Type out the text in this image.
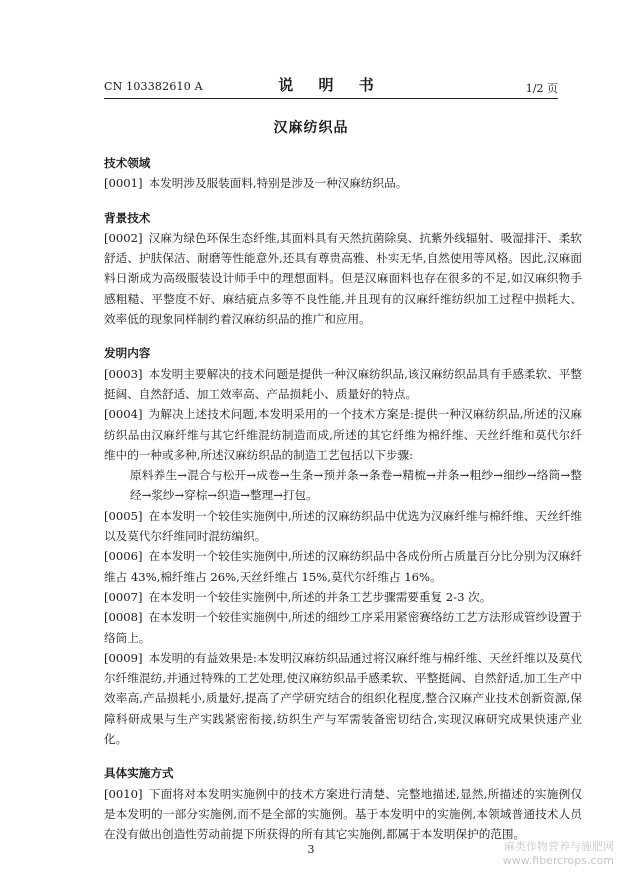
CN 103382610 A	说 明 书	1/2 页
汉麻纺织品
技术领域

[0001] 本发明涉及服装面料,特别是涉及一种汉麻纺织品。

背景技术

[0002] 汉麻为绿色环保生态纤维,其面料具有天然抗菌除臭、抗紫外线辐射、吸湿排汗、柔软舒适、护肤保洁、耐磨等性能意外,还具有尊贵高雅、朴实无华,自然使用等风格。因此,汉麻面料日渐成为高级服装设计师手中的理想面料。但是汉麻面料也存在很多的不足,如汉麻织物手感粗糙、平整度不好、麻结疵点多等不良性能,并且现有的汉麻纤维纺织加工过程中损耗大、效率低的现象同样制约着汉麻纺织品的推广和应用。

发明内容

[0003] 本发明主要解决的技术问题是提供一种汉麻纺织品,该汉麻纺织品具有手感柔软、平整挺阔、自然舒适、加工效率高、产品损耗小、质量好的特点。

[0004] 为解决上述技术问题,本发明采用的一个技术方案是:提供一种汉麻纺织品,所述的汉麻纺织品由汉麻纤维与其它纤维混纺制造而成,所述的其它纤维为棉纤维、天丝纤维和莫代尔纤维中的一种或多种,所述汉麻纺织品的制造工艺包括以下步骤:

原料养生→混合与松开→成卷→生条→预并条→条卷→精梳→并条→粗纱→细纱→络筒→整经→浆纱→穿棕→织造→整理→打包。

[0005] 在本发明一个较佳实施例中,所述的汉麻纺织品中优选为汉麻纤维与棉纤维、天丝纤维以及莫代尔纤维同时混纺编织。

[0006] 在本发明一个较佳实施例中,所述的汉麻纺织品中各成份所占质量百分比分别为汉麻纤维占 43%,棉纤维占 26%,天丝纤维占 15%,莫代尔纤维占 16%。

[0007] 在本发明一个较佳实施例中,所述的并条工艺步骤需要重复 2-3 次。

[0008] 在本发明一个较佳实施例中,所述的细纱工序采用紧密赛络纺工艺方法形成管纱设置于络筒上。

[0009] 本发明的有益效果是:本发明汉麻纺织品通过将汉麻纤维与棉纤维、天丝纤维以及莫代尔纤维混纺,并通过特殊的工艺处理,使汉麻纺织品手感柔软、平整挺阔、自然舒适,加工生产中效率高,产品损耗小,质量好,提高了产学研究结合的组织化程度,整合汉麻产业技术创新资源,保障科研成果与生产实践紧密衔接,纺织生产与军需装备密切结合,实现汉麻研究成果快速产业化。

具体实施方式

[0010] 下面将对本发明实施例中的技术方案进行清楚、完整地描述,显然,所描述的实施例仅是本发明的一部分实施例,而不是全部的实施例。基于本发明中的实施例,本领域普通技术人员在没有做出创造性劳动前提下所获得的所有其它实施例,都属于本发明保护的范围。

3	麻类作物营养与施肥网
www.fibercrops.com
